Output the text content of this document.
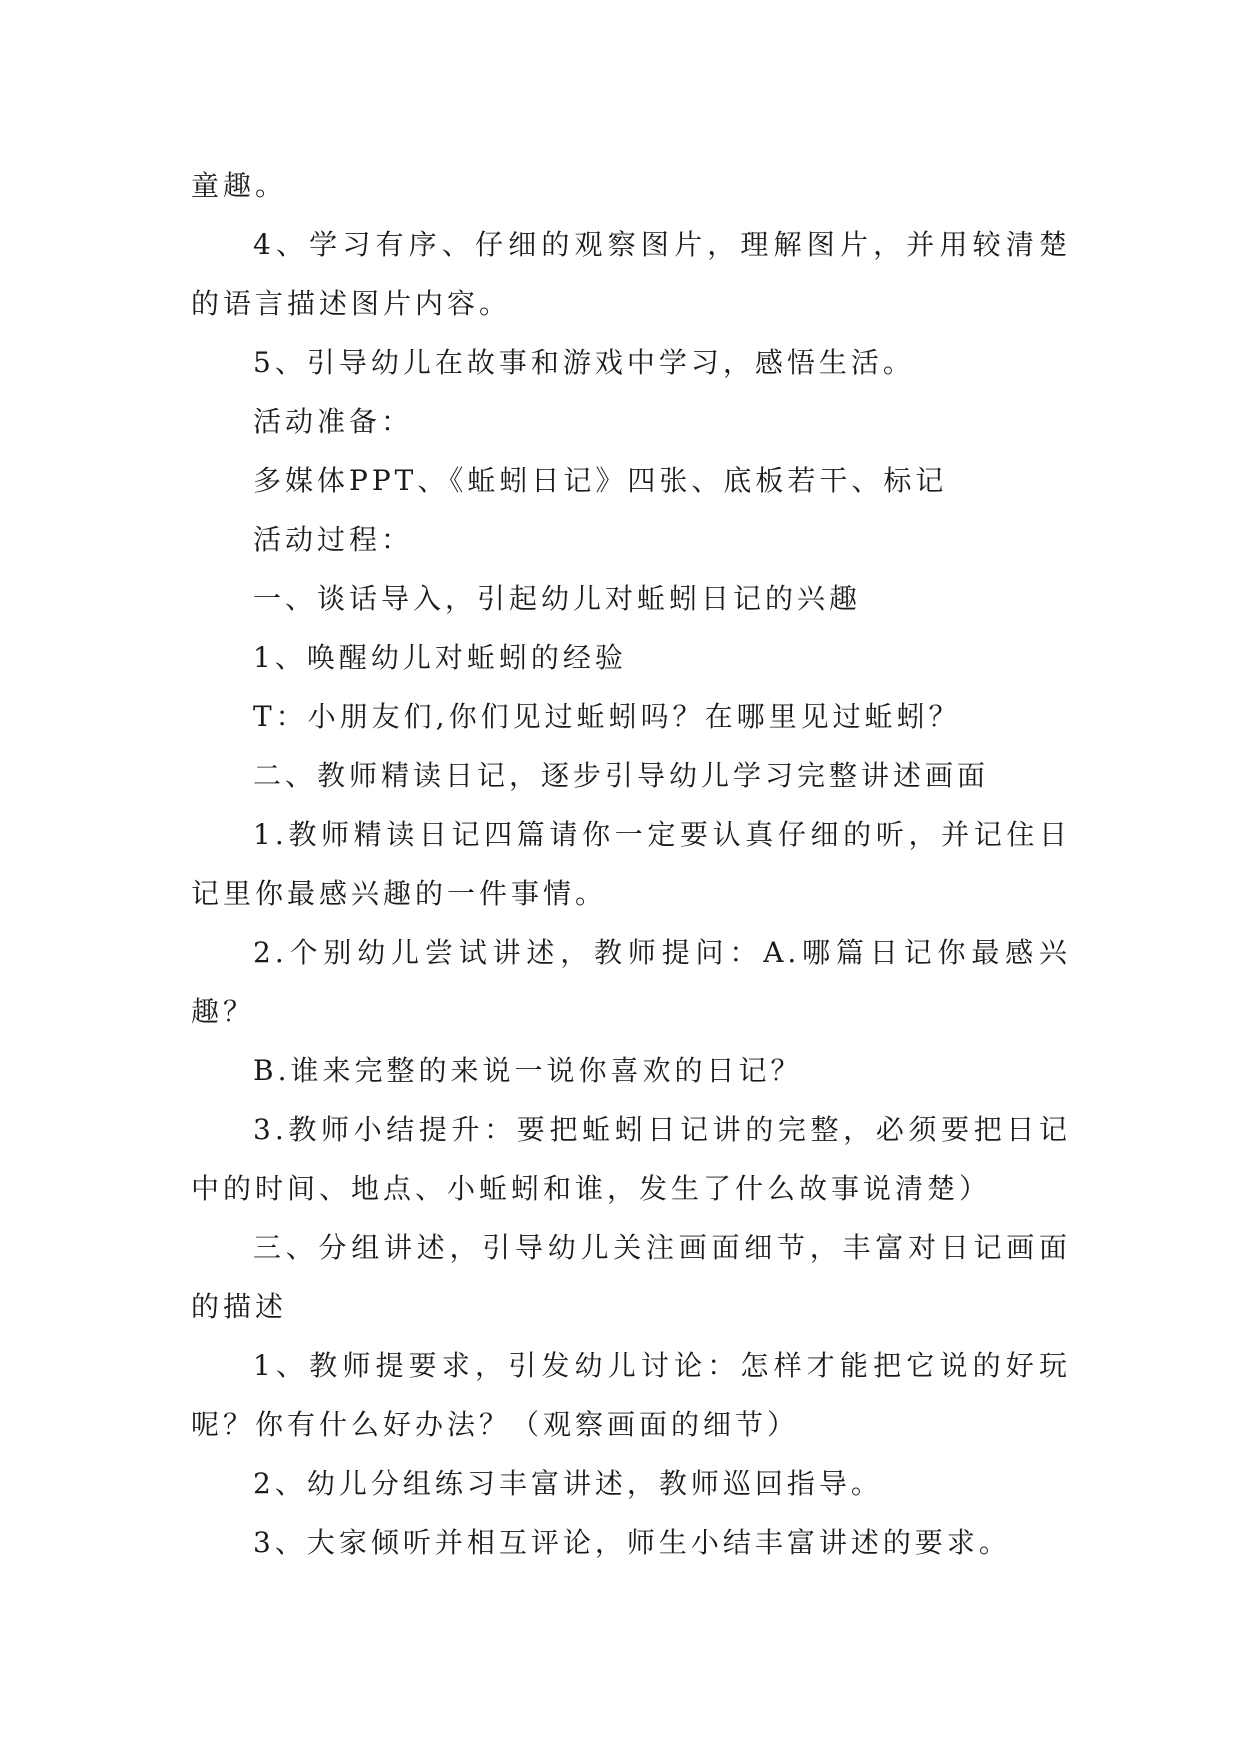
童趣。

4、学习有序、仔细的观察图片，理解图片，并用较清楚的语言描述图片内容。

5、引导幼儿在故事和游戏中学习，感悟生活。

活动准备：

多媒体PPT、《蚯蚓日记》四张、底板若干、标记

活动过程：

一、谈话导入，引起幼儿对蚯蚓日记的兴趣

1、唤醒幼儿对蚯蚓的经验

T：小朋友们,你们见过蚯蚓吗？在哪里见过蚯蚓？

二、教师精读日记，逐步引导幼儿学习完整讲述画面

1.教师精读日记四篇请你一定要认真仔细的听，并记住日记里你最感兴趣的一件事情。

2.个别幼儿尝试讲述，教师提问：A.哪篇日记你最感兴趣？

B.谁来完整的来说一说你喜欢的日记？

3.教师小结提升：要把蚯蚓日记讲的完整，必须要把日记中的时间、地点、小蚯蚓和谁，发生了什么故事说清楚）

三、分组讲述，引导幼儿关注画面细节，丰富对日记画面的描述

1、教师提要求，引发幼儿讨论：怎样才能把它说的好玩呢？你有什么好办法？（观察画面的细节）

2、幼儿分组练习丰富讲述，教师巡回指导。

3、大家倾听并相互评论，师生小结丰富讲述的要求。
